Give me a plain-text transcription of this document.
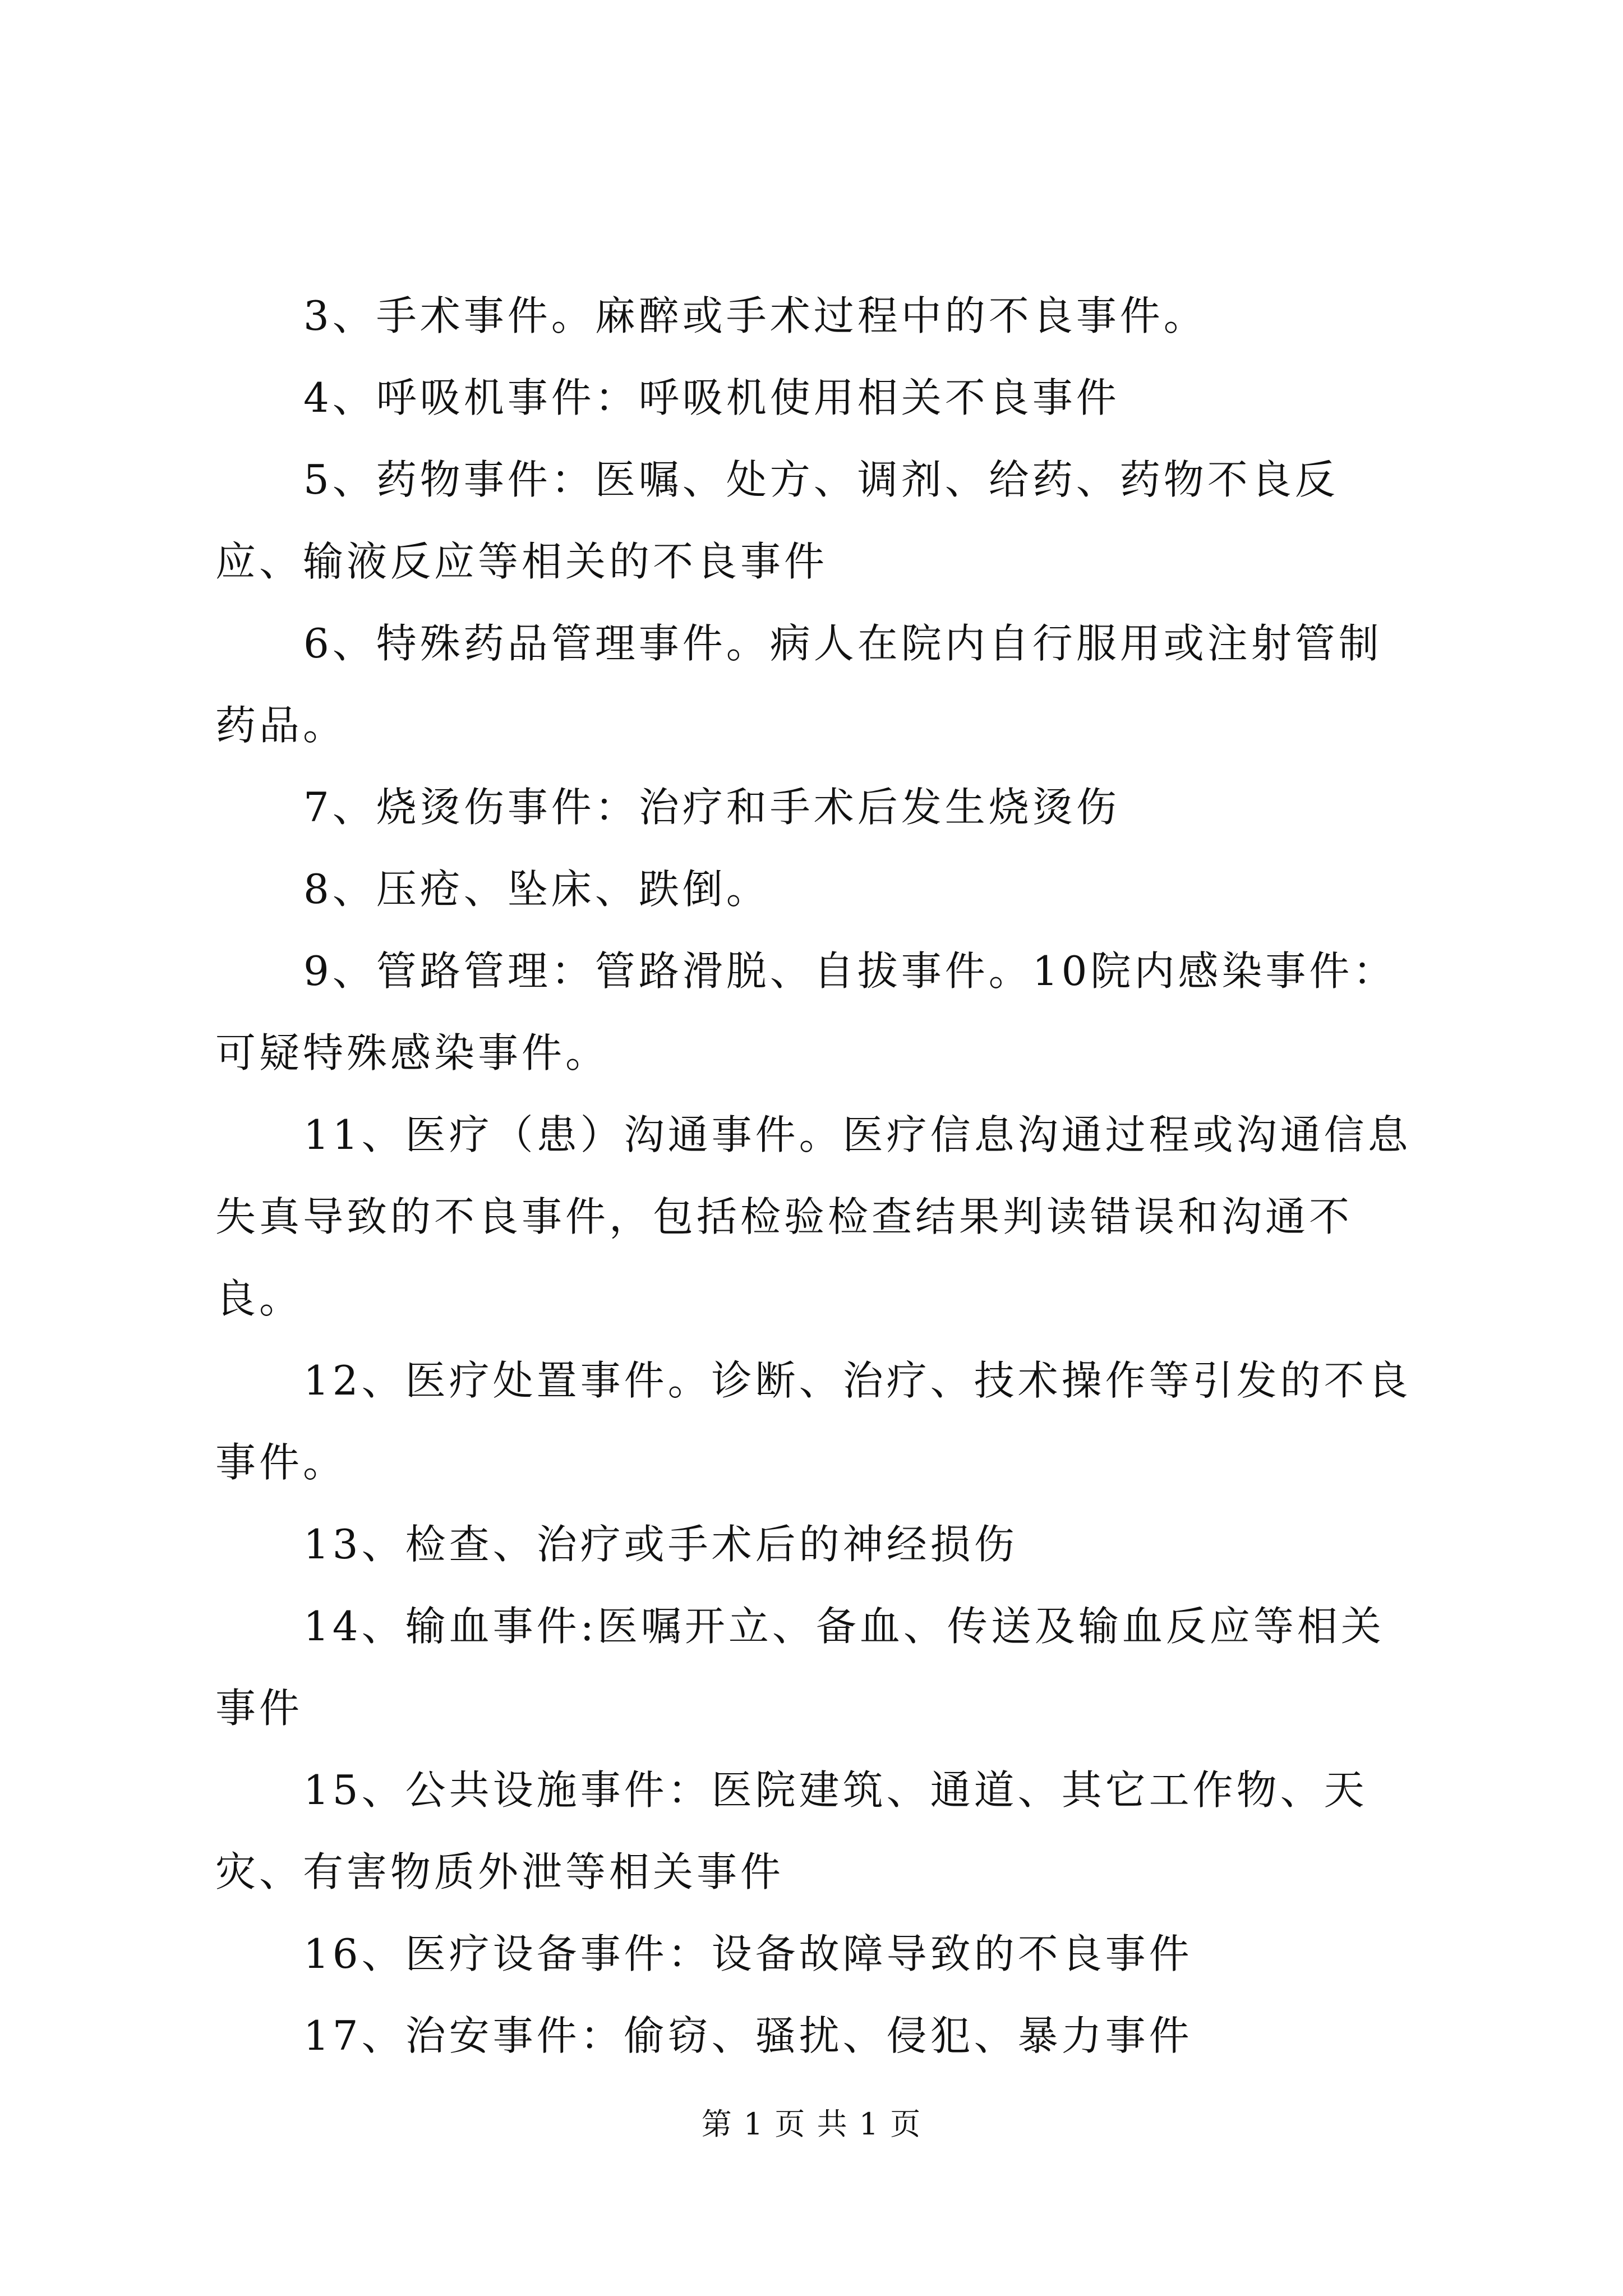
3、手术事件。麻醉或手术过程中的不良事件。

4、呼吸机事件：呼吸机使用相关不良事件

5、药物事件：医嘱、处方、调剂、给药、药物不良反应、输液反应等相关的不良事件

6、特殊药品管理事件。病人在院内自行服用或注射管制药品。

7、烧烫伤事件：治疗和手术后发生烧烫伤

8、压疮、坠床、跌倒。

9、管路管理：管路滑脱、自拔事件。10院内感染事件：可疑特殊感染事件。

11、医疗（患）沟通事件。医疗信息沟通过程或沟通信息失真导致的不良事件，包括检验检查结果判读错误和沟通不良。

12、医疗处置事件。诊断、治疗、技术操作等引发的不良事件。

13、检查、治疗或手术后的神经损伤

14、输血事件:医嘱开立、备血、传送及输血反应等相关事件

15、公共设施事件：医院建筑、通道、其它工作物、天灾、有害物质外泄等相关事件

16、医疗设备事件：设备故障导致的不良事件

17、治安事件：偷窃、骚扰、侵犯、暴力事件

第 1 页 共 1 页
